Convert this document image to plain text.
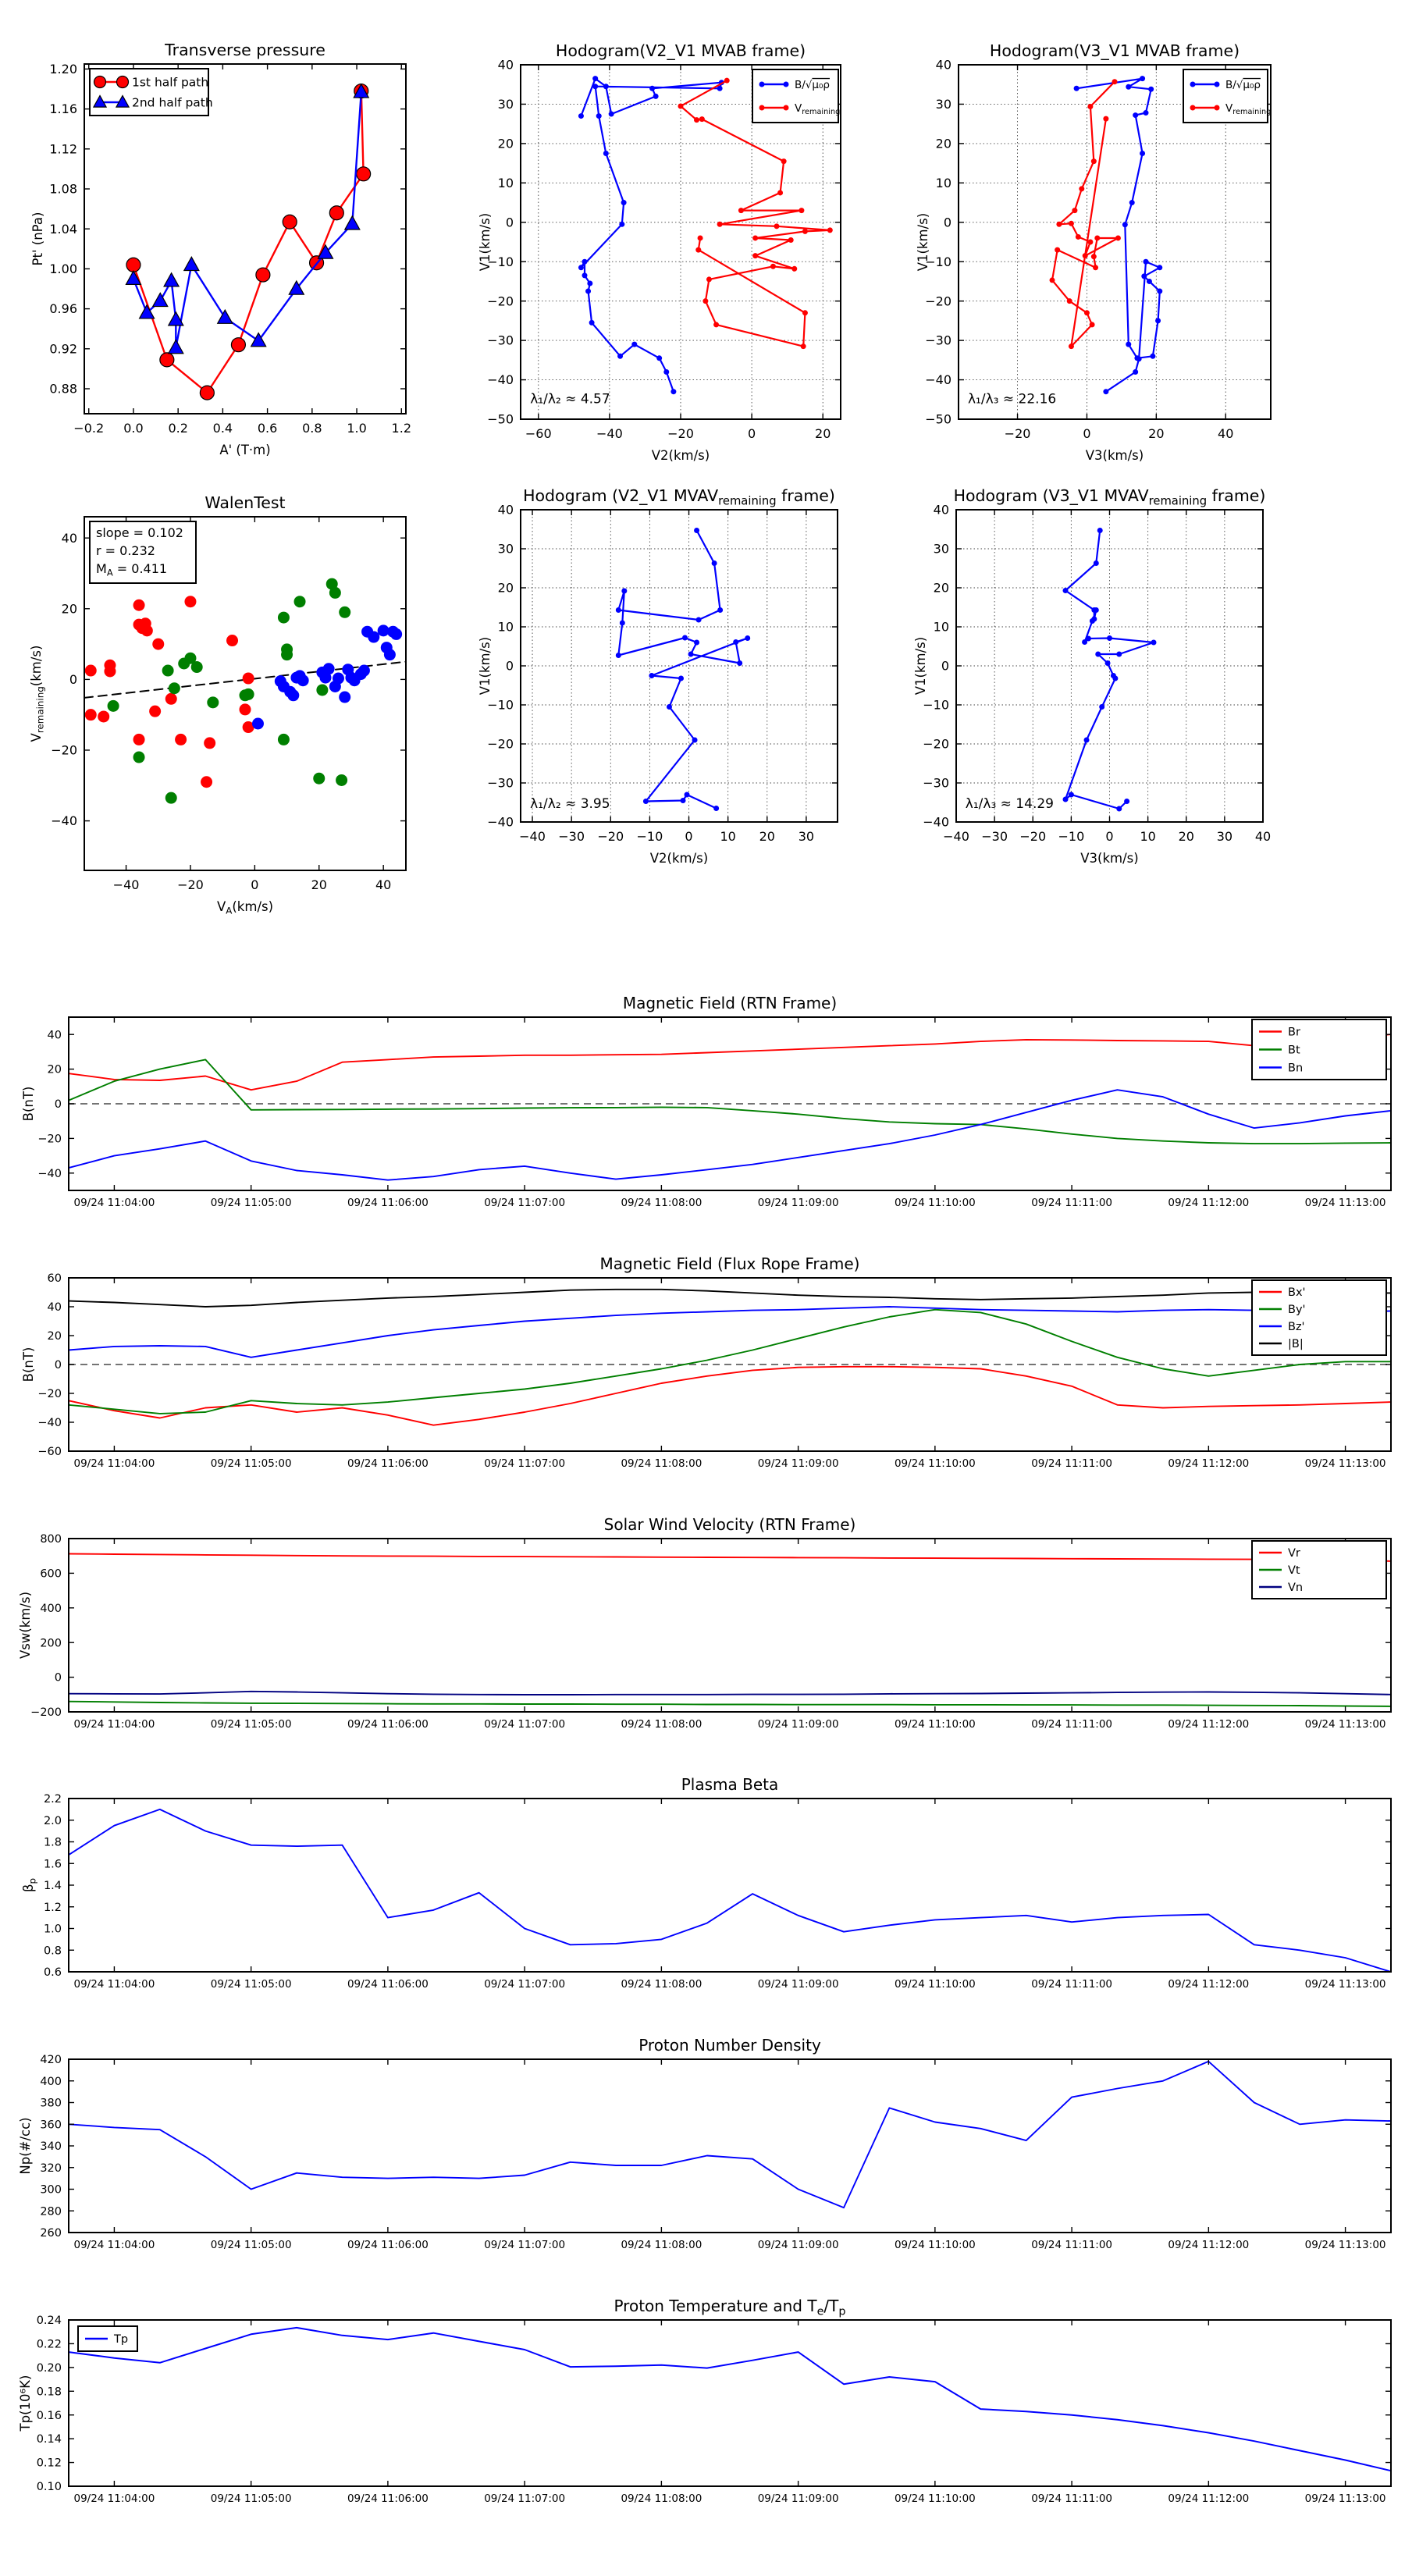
−0.2 0.0 0.2 0.4 0.6 0.8 1.0 1.2
0.88
0.92
0.96
1.00
1.04
1.08
1.12
1.16
1.20
Transverse pressure
A' (T·m)
Pt' (nPa)
1st half path
2nd half path
−60	−40	−20	0	20
−50
−40
−30
−20
−10
0
10
20
30
40
Hodogram(V2_V1 MVAB frame)
V2(km/s)
V1(km/s)
λ₁/λ₂ ≈ 4.57
B/√μ₀ρ
$V_{remaining}$
−20	0	20	40
−50
−40
−30
−20
−10
0
10
20
30
40
Hodogram(V3_V1 MVAB frame)
V3(km/s)
V1(km/s)
λ₁/λ₃ ≈ 22.16
B/√μ₀ρ
$V_{remaining}$
−40	−20	0	20	40
−40
−20
0
20
40
WalenTest
$V_A(km/s)$
$V_{remaining}(km/s)$
slope = 0.102
r = 0.232
$M_A = 0.411$
−40 −30 −20 −10 0 10 20 30
−40
−30
−20
−10
0
10
20
30
40
Hodogram (V2_V1 $MVAV_{remaining}$ frame)
V2(km/s)
V1(km/s)
λ₁/λ₂ ≈ 3.95
−40 −30 −20 −10 0 10 20 30 40
−40
−30
−20
−10
0
10
20
30
40
Hodogram (V3_V1 $MVAV_{remaining}$ frame)
V3(km/s)
V1(km/s)
λ₁/λ₃ ≈ 14.29
09/24 11:04:00	09/24 11:05:00	09/24 11:06:00	09/24 11:07:00	09/24 11:08:00	09/24 11:09:00	09/24 11:10:00	09/24 11:11:00	09/24 11:12:00	09/24 11:13:00
−40
−20
0
20
40
Magnetic Field (RTN Frame)
B(nT)
Br
Bt
Bn
09/24 11:04:00	09/24 11:05:00	09/24 11:06:00	09/24 11:07:00	09/24 11:08:00	09/24 11:09:00	09/24 11:10:00	09/24 11:11:00	09/24 11:12:00	09/24 11:13:00
−60
−40
−20
0
20
40
60
Magnetic Field (Flux Rope Frame)
B(nT)
Bx'
By'
Bz'
|B|
09/24 11:04:00	09/24 11:05:00	09/24 11:06:00	09/24 11:07:00	09/24 11:08:00	09/24 11:09:00	09/24 11:10:00	09/24 11:11:00	09/24 11:12:00	09/24 11:13:00
−200
0
200
400
600
800
Solar Wind Velocity (RTN Frame)
Vsw(km/s)
Vr
Vt
Vn
09/24 11:04:00	09/24 11:05:00	09/24 11:06:00	09/24 11:07:00	09/24 11:08:00	09/24 11:09:00	09/24 11:10:00	09/24 11:11:00	09/24 11:12:00	09/24 11:13:00
0.6
0.8
1.0
1.2
1.4
1.6
1.8
2.0
2.2
Plasma Beta
$\beta_p$
09/24 11:04:00	09/24 11:05:00	09/24 11:06:00	09/24 11:07:00	09/24 11:08:00	09/24 11:09:00	09/24 11:10:00	09/24 11:11:00	09/24 11:12:00	09/24 11:13:00
260
280
300
320
340
360
380
400
420
Proton Number Density
Np(#/cc)
09/24 11:04:00	09/24 11:05:00	09/24 11:06:00	09/24 11:07:00	09/24 11:08:00	09/24 11:09:00	09/24 11:10:00	09/24 11:11:00	09/24 11:12:00	09/24 11:13:00
0.10
0.12
0.14
0.16
0.18
0.20
0.22
0.24
Proton Temperature and $T_e/T_p$
Tp(10⁶K)
Tp
